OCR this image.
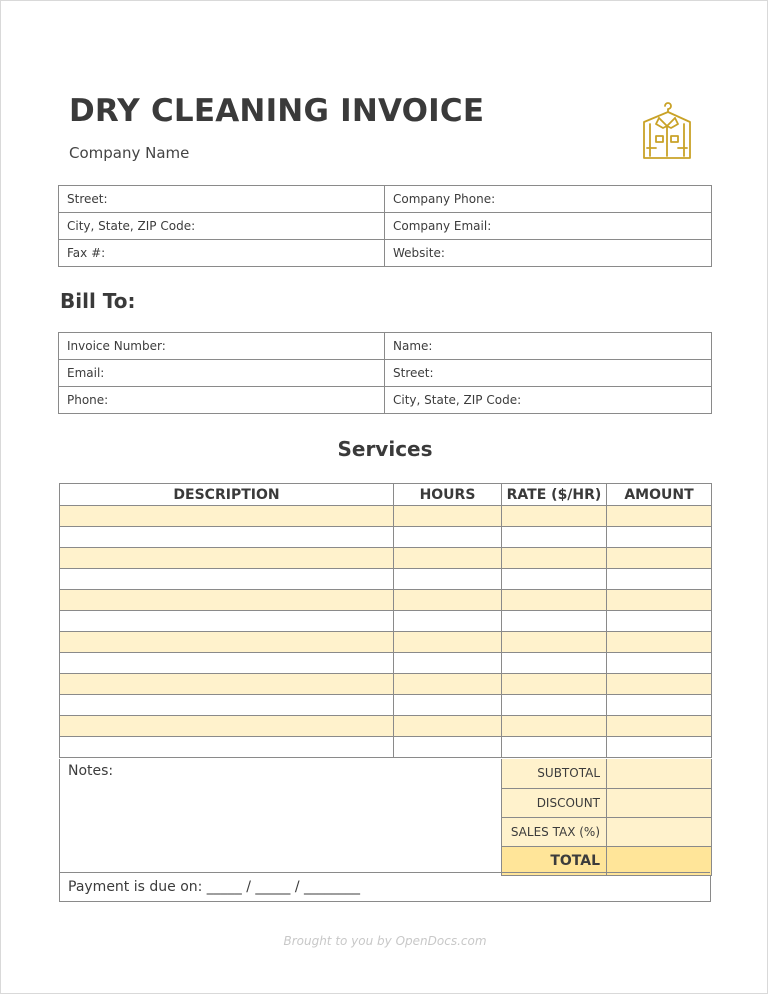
DRY CLEANING INVOICE
Company Name
Street:	Company Phone:
City, State, ZIP Code:	Company Email:
Fax #:	Website:
Bill To:
Invoice Number:	Name:
Email:	Street:
Phone:	City, State, ZIP Code:
Services
DESCRIPTION	HOURS	RATE ($/HR)	AMOUNT

Notes:	SUBTOTAL	
DISCOUNT	
SALES TAX (%)	
TOTAL	
Payment is due on: _____ / _____ / ________
Brought to you by OpenDocs.com
